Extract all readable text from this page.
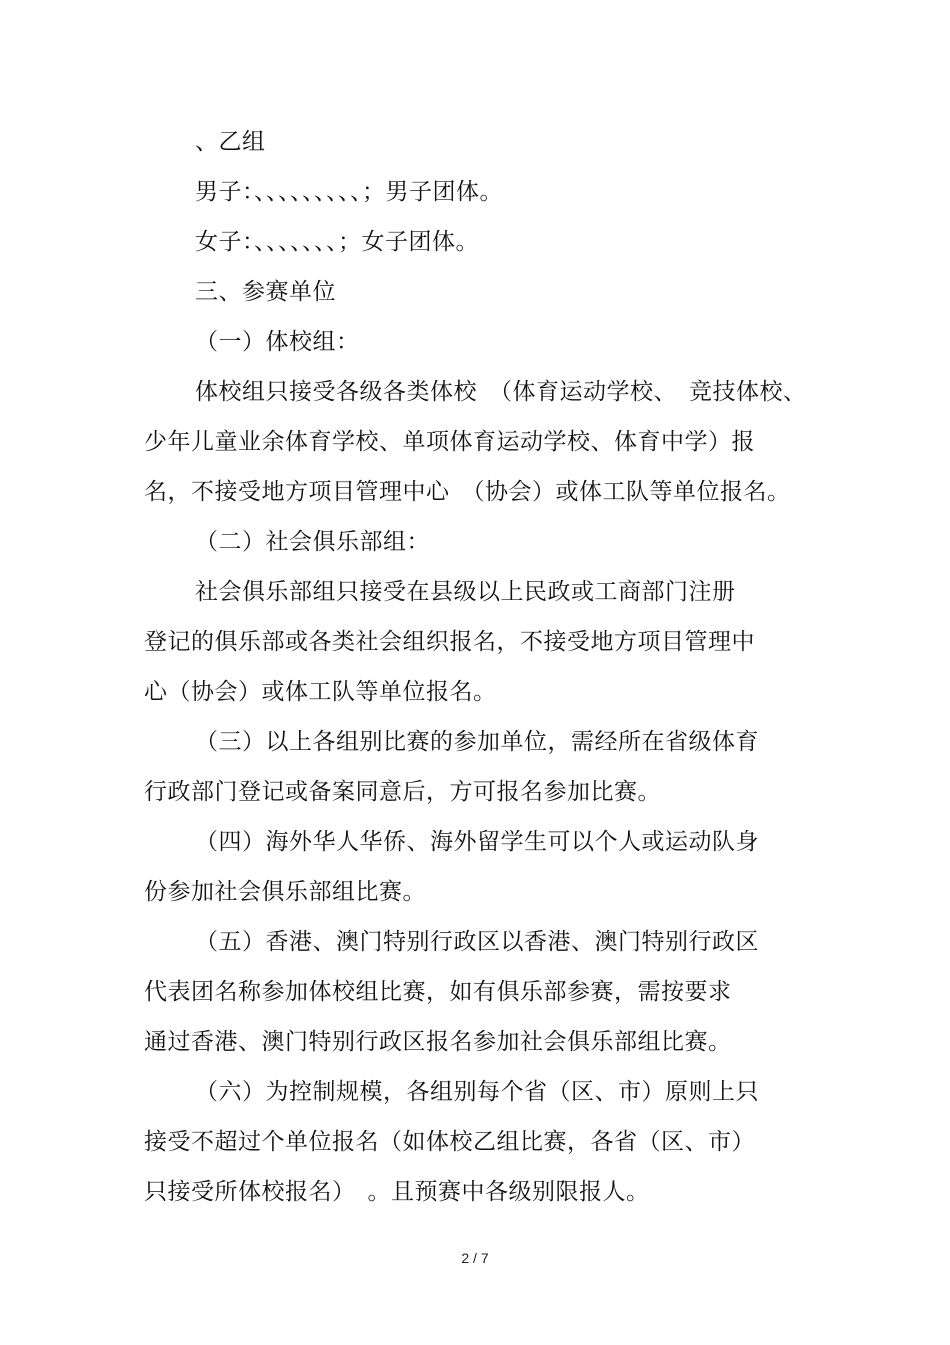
、乙组
男子：、、、、、、、、、；男子团体。
女子：、、、、、、、；女子团体。
三、参赛单位
（一）体校组：
体校组只接受各级各类体校　（体育运动学校、　竞技体校、
少年儿童业余体育学校、单项体育运动学校、体育中学）报
名，不接受地方项目管理中心　（协会）或体工队等单位报名。
（二）社会俱乐部组：
社会俱乐部组只接受在县级以上民政或工商部门注册
登记的俱乐部或各类社会组织报名，不接受地方项目管理中
心（协会）或体工队等单位报名。
（三）以上各组别比赛的参加单位，需经所在省级体育
行政部门登记或备案同意后，方可报名参加比赛。
（四）海外华人华侨、海外留学生可以个人或运动队身
份参加社会俱乐部组比赛。
（五）香港、澳门特别行政区以香港、澳门特别行政区
代表团名称参加体校组比赛，如有俱乐部参赛，需按要求
通过香港、澳门特别行政区报名参加社会俱乐部组比赛。
（六）为控制规模，各组别每个省（区、市）原则上只
接受不超过个单位报名（如体校乙组比赛，各省（区、市）
只接受所体校报名）　。且预赛中各级别限报人。
2 / 7
